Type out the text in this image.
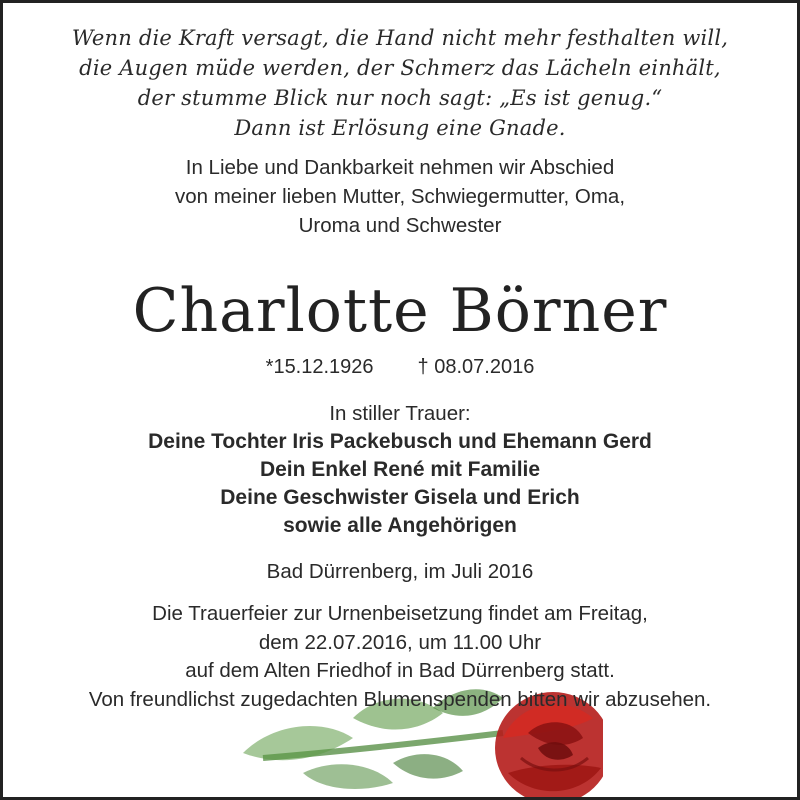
Wenn die Kraft versagt, die Hand nicht mehr festhalten will,
die Augen müde werden, der Schmerz das Lächeln einhält,
der stumme Blick nur noch sagt: „Es ist genug.“
Dann ist Erlösung eine Gnade.
In Liebe und Dankbarkeit nehmen wir Abschied
von meiner lieben Mutter, Schwiegermutter, Oma,
Uroma und Schwester
Charlotte Börner
*15.12.1926 † 08.07.2016
In stiller Trauer:
Deine Tochter Iris Packebusch und Ehemann Gerd
Dein Enkel René mit Familie
Deine Geschwister Gisela und Erich
sowie alle Angehörigen
Bad Dürrenberg, im Juli 2016
Die Trauerfeier zur Urnenbeisetzung findet am Freitag,
dem 22.07.2016, um 11.00 Uhr
auf dem Alten Friedhof in Bad Dürrenberg statt.
Von freundlichst zugedachten Blumenspenden bitten wir abzusehen.
